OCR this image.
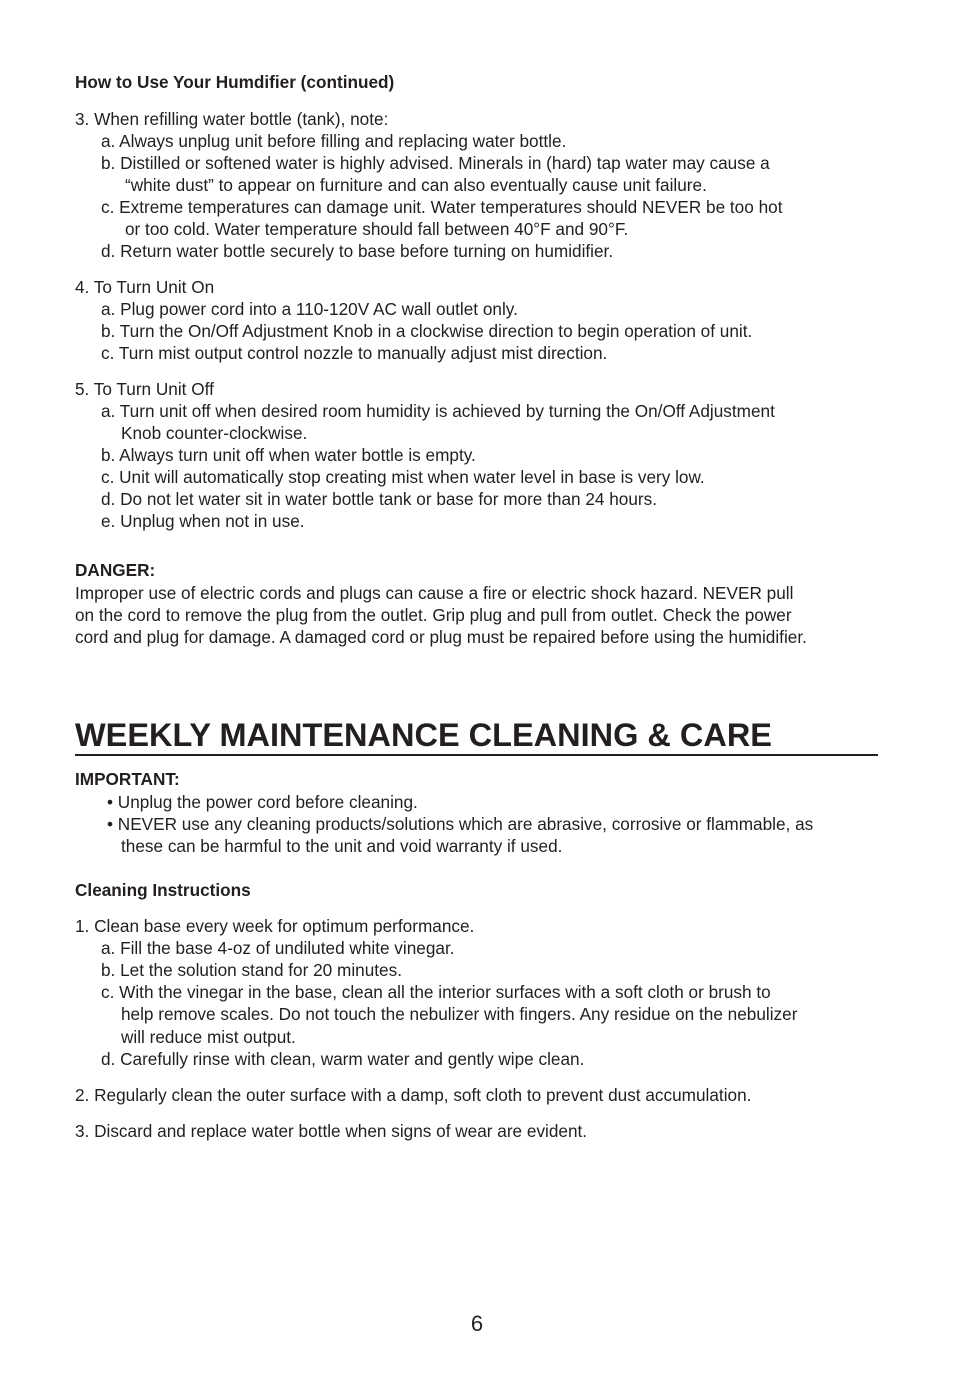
How to Use Your Humdifier (continued)
3. When refilling water bottle (tank), note:
a. Always unplug unit before filling and replacing water bottle.
b. Distilled or softened water is highly advised. Minerals in (hard) tap water may cause a
“white dust” to appear on furniture and can also eventually cause unit failure.
c. Extreme temperatures can damage unit. Water temperatures should NEVER be too hot
or too cold. Water temperature should fall between 40°F and 90°F.
d. Return water bottle securely to base before turning on humidifier.
4. To Turn Unit On
a. Plug power cord into a 110-120V AC wall outlet only.
b. Turn the On/Off Adjustment Knob in a clockwise direction to begin operation of unit.
c. Turn mist output control nozzle to manually adjust mist direction.
5. To Turn Unit Off
a. Turn unit off when desired room humidity is achieved by turning the On/Off Adjustment
Knob counter-clockwise.
b. Always turn unit off when water bottle is empty.
c. Unit will automatically stop creating mist when water level in base is very low.
d. Do not let water sit in water bottle tank or base for more than 24 hours.
e. Unplug when not in use.
DANGER:
Improper use of electric cords and plugs can cause a fire or electric shock hazard. NEVER pull
on the cord to remove the plug from the outlet. Grip plug and pull from outlet. Check the power
cord and plug for damage. A damaged cord or plug must be repaired before using the humidifier.
WEEKLY MAINTENANCE CLEANING & CARE
IMPORTANT:
• Unplug the power cord before cleaning.
• NEVER use any cleaning products/solutions which are abrasive, corrosive or flammable, as
these can be harmful to the unit and void warranty if used.
Cleaning Instructions
1. Clean base every week for optimum performance.
a. Fill the base 4-oz of undiluted white vinegar.
b. Let the solution stand for 20 minutes.
c. With the vinegar in the base, clean all the interior surfaces with a soft cloth or brush to
help remove scales. Do not touch the nebulizer with fingers. Any residue on the nebulizer
will reduce mist output.
d. Carefully rinse with clean, warm water and gently wipe clean.
2. Regularly clean the outer surface with a damp, soft cloth to prevent dust accumulation.
3. Discard and replace water bottle when signs of wear are evident.
6
